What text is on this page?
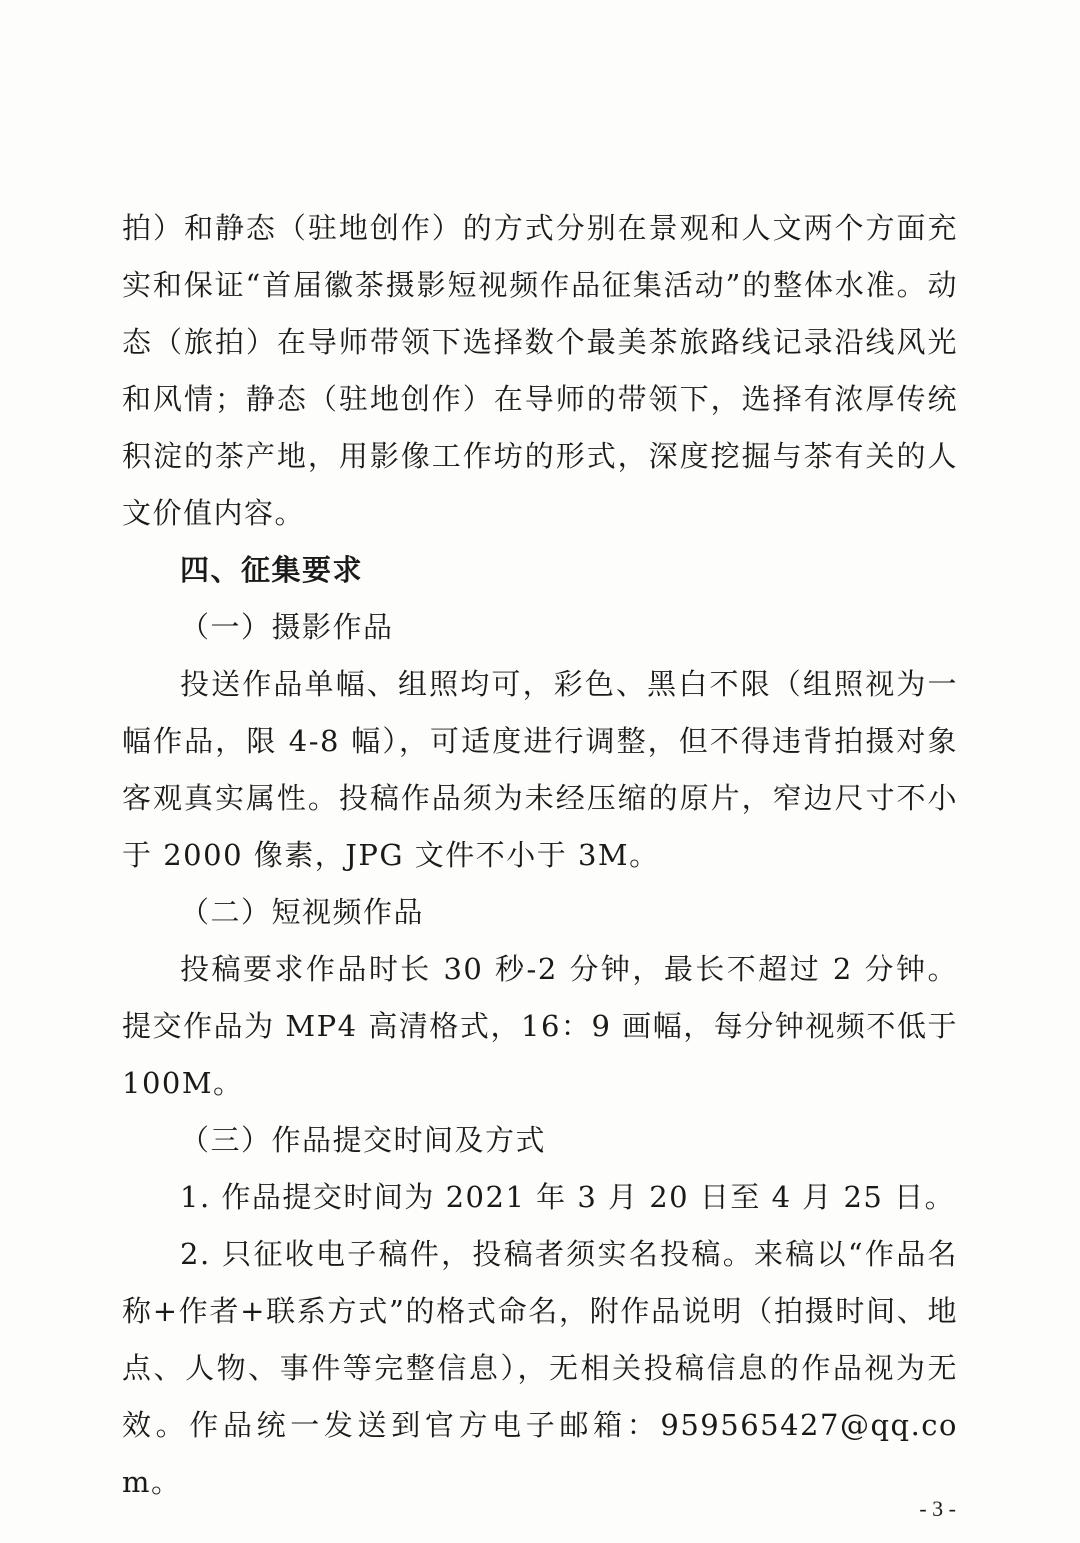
拍）和静态（驻地创作）的方式分别在景观和人文两个方面充实和保证“首届徽茶摄影短视频作品征集活动”的整体水准。动态（旅拍）在导师带领下选择数个最美茶旅路线记录沿线风光和风情；静态（驻地创作）在导师的带领下，选择有浓厚传统积淀的茶产地，用影像工作坊的形式，深度挖掘与茶有关的人文价值内容。

四、征集要求

（一）摄影作品

投送作品单幅、组照均可，彩色、黑白不限（组照视为一幅作品，限 4-8 幅），可适度进行调整，但不得违背拍摄对象客观真实属性。投稿作品须为未经压缩的原片，窄边尺寸不小于 2000 像素，JPG 文件不小于 3M。

（二）短视频作品

投稿要求作品时长 30 秒-2 分钟，最长不超过 2 分钟。提交作品为 MP4 高清格式，16：9 画幅，每分钟视频不低于 100M。

（三）作品提交时间及方式

1. 作品提交时间为 2021 年 3 月 20 日至 4 月 25 日。

2. 只征收电子稿件，投稿者须实名投稿。来稿以“作品名称+作者+联系方式”的格式命名，附作品说明（拍摄时间、地点、人物、事件等完整信息），无相关投稿信息的作品视为无效。作品统一发送到官方电子邮箱：959565427@qq.com。

- 3 -
